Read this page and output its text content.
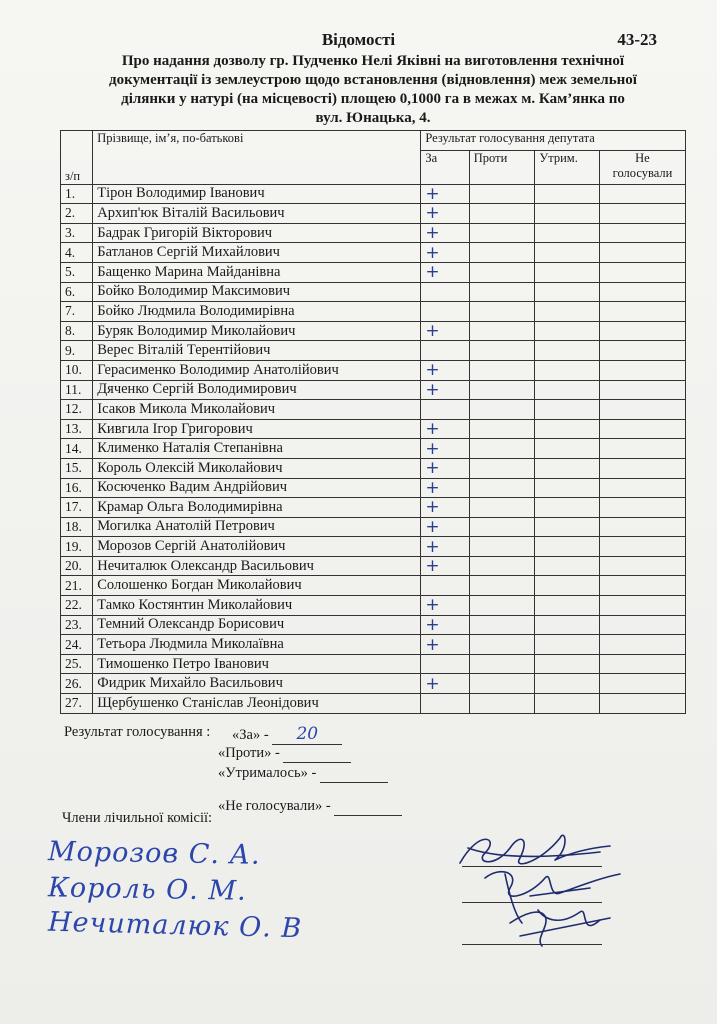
Відомості	43-23
Про надання дозволу гр. Пудченко Нелі Яківні на виготовлення технічної
документації із землеустрою щодо встановлення (відновлення) меж земельної
ділянки у натурі (на місцевості) площею 0,1000 га в межах м. Кам’янка по
вул. Юнацька, 4.
з/п	Прізвище, ім’я, по-батькові	Результат голосування депутата			
		За	Проти	Утрим.	Не голосували
1.	Тірон Володимир Іванович	+			
2.	Архип'юк Віталій Васильович	+			
3.	Бадрак Григорій Вікторович	+			
4.	Батланов Сергій Михайлович	+			
5.	Бащенко Марина Майданівна	+			
6.	Бойко Володимир Максимович				
7.	Бойко Людмила Володимирівна				
8.	Буряк Володимир Миколайович	+			
9.	Верес Віталій Терентійович				
10.	Герасименко Володимир Анатолійович	+			
11.	Дяченко Сергій Володимирович	+			
12.	Ісаков Микола Миколайович				
13.	Кивгила Ігор Григорович	+			
14.	Клименко Наталія Степанівна	+			
15.	Король Олексій Миколайович	+			
16.	Косюченко Вадим Андрійович	+			
17.	Крамар Ольга Володимирівна	+			
18.	Могилка Анатолій Петрович	+			
19.	Морозов Сергій Анатолійович	+			
20.	Нечиталюк Олександр Васильович	+			
21.	Солошенко Богдан Миколайович				
22.	Тамко Костянтин Миколайович	+			
23.	Темний Олександр Борисович	+			
24.	Тетьора Людмила Миколаївна	+			
25.	Тимошенко Петро Іванович				
26.	Фидрик Михайло Васильович	+			
27.	Щербушенко Станіслав Леонідович				
Результат голосування : «За» - 20
«Проти» -
«Утрималось» -
«Не голосували» -
Члени лічильної комісії:
Морозов С. А.
Король О. М.
Нечиталюк О. В
